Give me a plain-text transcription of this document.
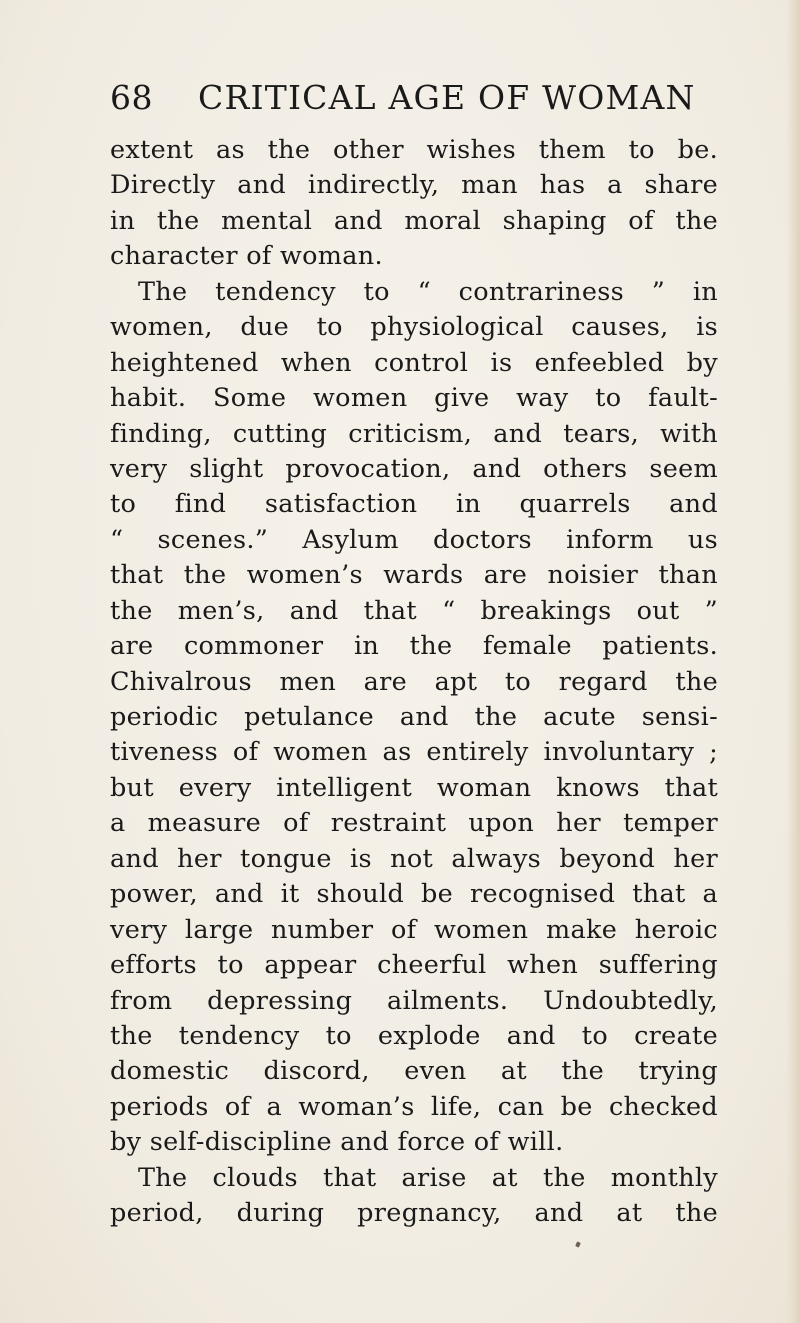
68	CRITICAL AGE OF WOMAN
extent as the other wishes them to be.
Directly and indirectly, man has a share
in the mental and moral shaping of the
character of woman.
The tendency to “ contrariness ” in
women, due to physiological causes, is
heightened when control is enfeebled by
habit. Some women give way to fault-
finding, cutting criticism, and tears, with
very slight provocation, and others seem
to find satisfaction in quarrels and
“ scenes.” Asylum doctors inform us
that the women’s wards are noisier than
the men’s, and that “ breakings out ”
are commoner in the female patients.
Chivalrous men are apt to regard the
periodic petulance and the acute sensi-
tiveness of women as entirely involuntary ;
but every intelligent woman knows that
a measure of restraint upon her temper
and her tongue is not always beyond her
power, and it should be recognised that a
very large number of women make heroic
efforts to appear cheerful when suffering
from depressing ailments. Undoubtedly,
the tendency to explode and to create
domestic discord, even at the trying
periods of a woman’s life, can be checked
by self-discipline and force of will.
The clouds that arise at the monthly
period, during pregnancy, and at the
